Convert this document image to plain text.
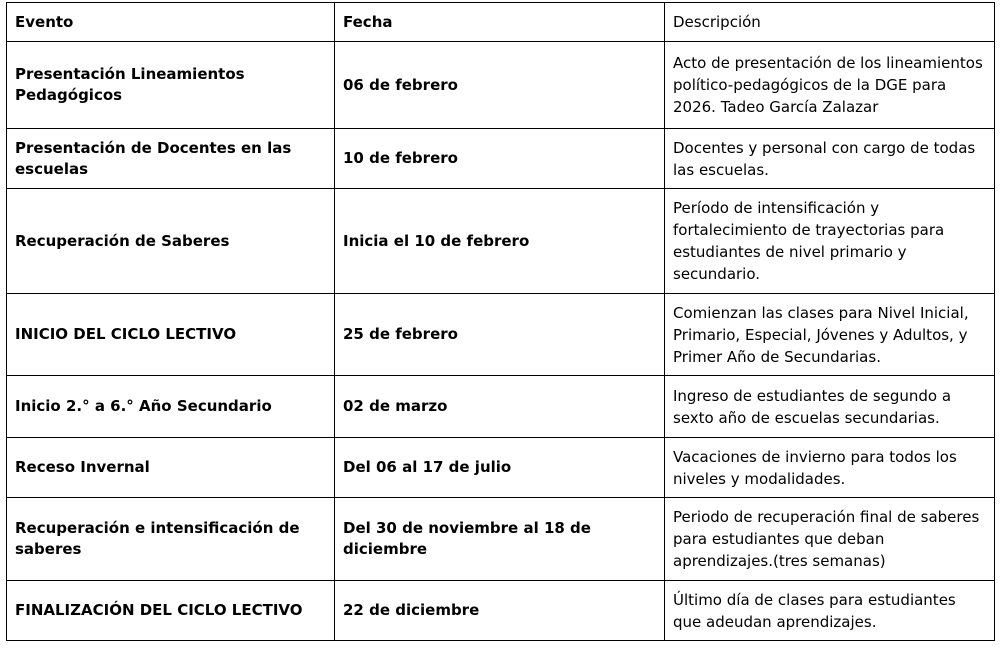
Evento	Fecha	Descripción
Presentación Lineamientos Pedagógicos	06 de febrero	Acto de presentación de los lineamientos político-pedagógicos de la DGE para 2026. Tadeo García Zalazar
Presentación de Docentes en las escuelas	10 de febrero	Docentes y personal con cargo de todas las escuelas.
Recuperación de Saberes	Inicia el 10 de febrero	Período de intensificación y fortalecimiento de trayectorias para estudiantes de nivel primario y secundario.
INICIO DEL CICLO LECTIVO	25 de febrero	Comienzan las clases para Nivel Inicial, Primario, Especial, Jóvenes y Adultos, y Primer Año de Secundarias.
Inicio 2.° a 6.° Año Secundario	02 de marzo	Ingreso de estudiantes de segundo a sexto año de escuelas secundarias.
Receso Invernal	Del 06 al 17 de julio	Vacaciones de invierno para todos los niveles y modalidades.
Recuperación e intensificación de saberes	Del 30 de noviembre al 18 de diciembre	Periodo de recuperación final de saberes para estudiantes que deban aprendizajes.(tres semanas)
FINALIZACIÓN DEL CICLO LECTIVO	22 de diciembre	Último día de clases para estudiantes que adeudan aprendizajes.
